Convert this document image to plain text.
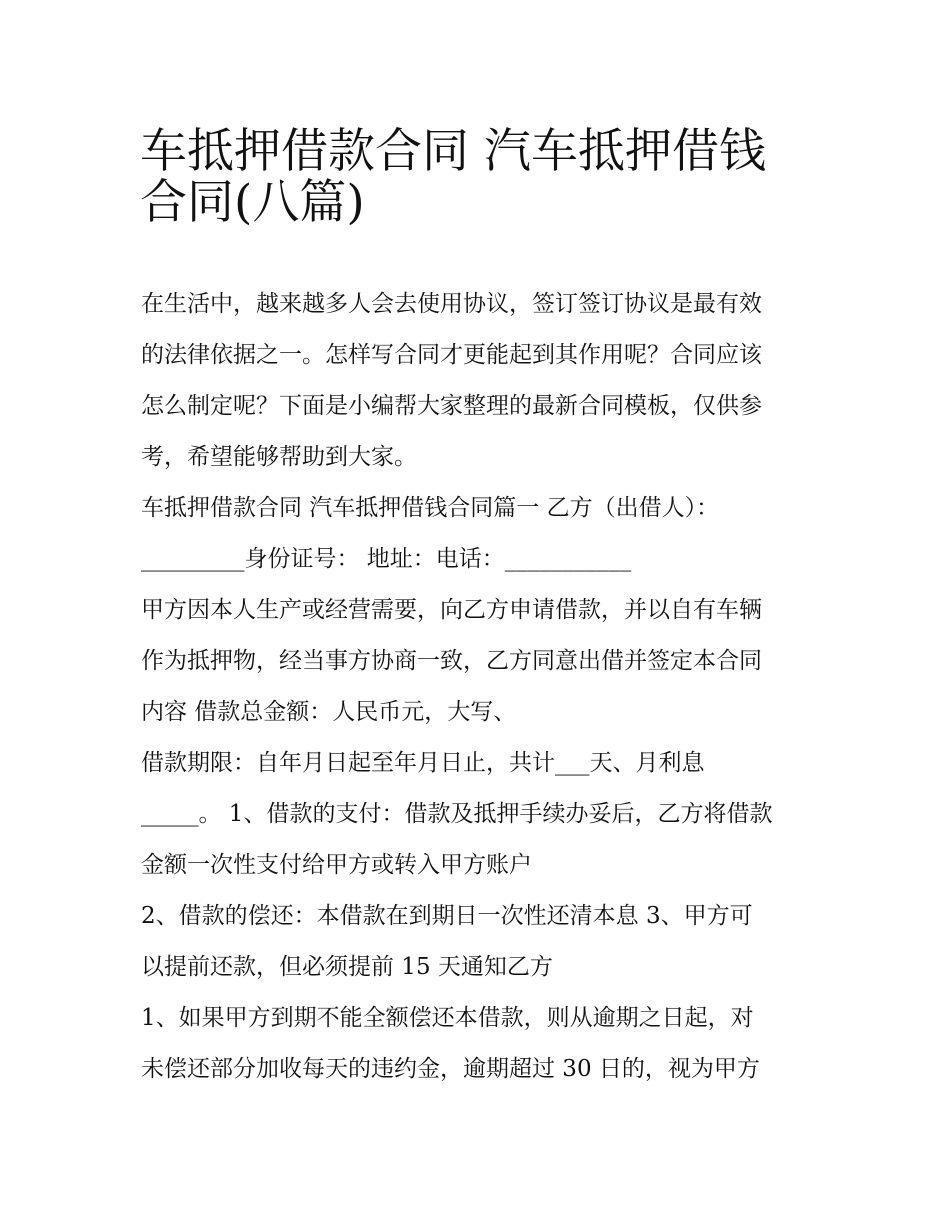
车抵押借款合同 汽车抵押借钱
合同(八篇)

在生活中，越来越多人会去使用协议，签订签订协议是最有效

的法律依据之一。怎样写合同才更能起到其作用呢？合同应该

怎么制定呢？下面是小编帮大家整理的最新合同模板，仅供参

考，希望能够帮助到大家。

车抵押借款合同 汽车抵押借钱合同篇一 乙方（出借人）：

_________身份证号： 地址：电话：___________

甲方因本人生产或经营需要，向乙方申请借款，并以自有车辆

作为抵押物，经当事方协商一致，乙方同意出借并签定本合同

内容 借款总金额：人民币元，大写、

借款期限：自年月日起至年月日止，共计___天、月利息

_____。 1、借款的支付：借款及抵押手续办妥后，乙方将借款

金额一次性支付给甲方或转入甲方账户

2、借款的偿还：本借款在到期日一次性还清本息 3、甲方可

以提前还款，但必须提前 15 天通知乙方

1、如果甲方到期不能全额偿还本借款，则从逾期之日起，对

未偿还部分加收每天的违约金，逾期超过 30 日的，视为甲方
